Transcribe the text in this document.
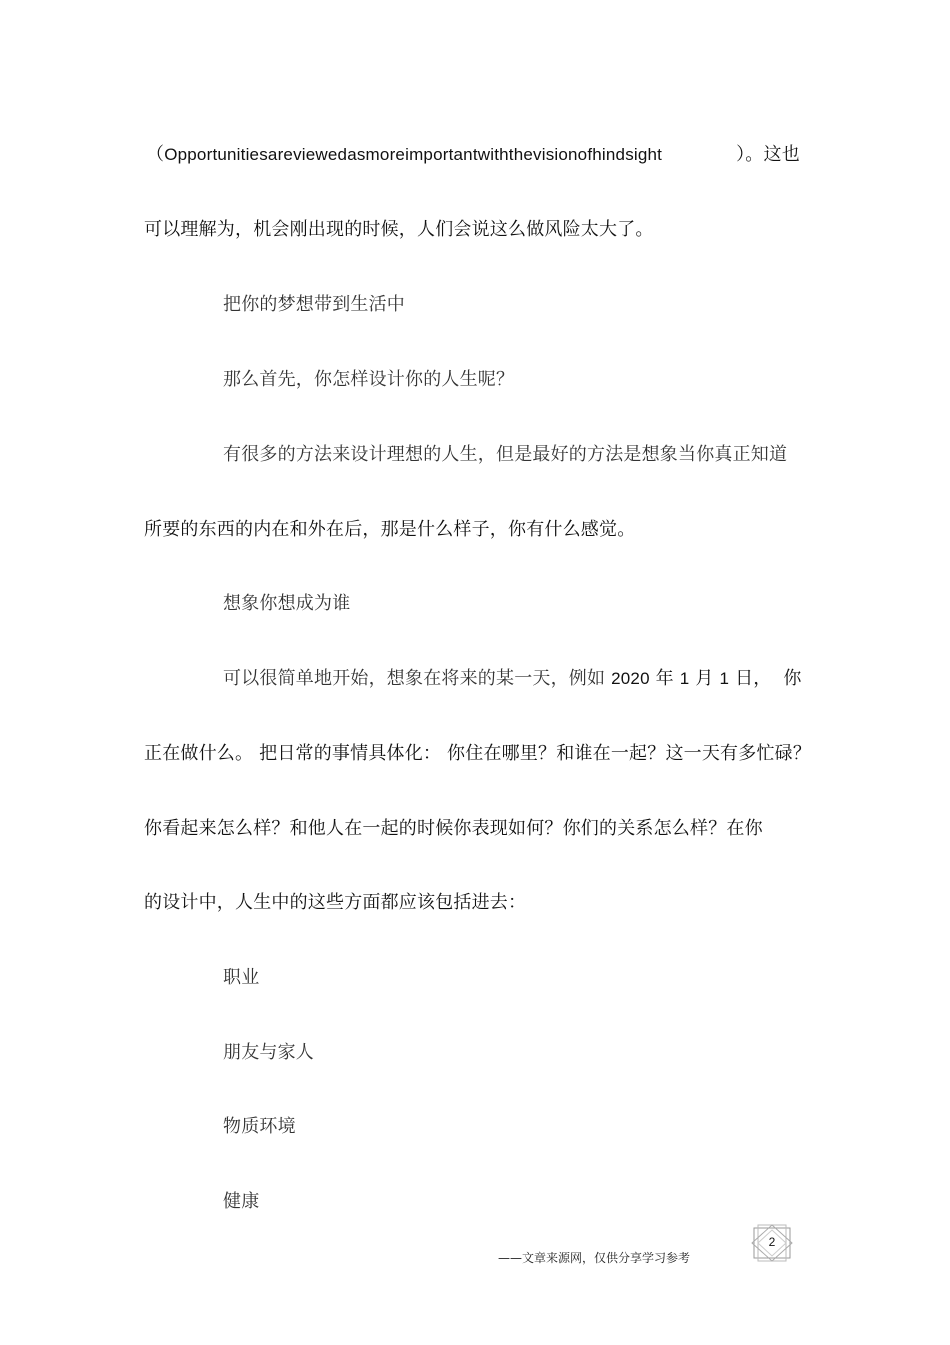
（Opportunitiesareviewedasmoreimportantwiththevisionofhindsight	）。这也
可以理解为，机会刚出现的时候，人们会说这么做风险太大了。
把你的梦想带到生活中
那么首先，你怎样设计你的人生呢？
有很多的方法来设计理想的人生，但是最好的方法是想象当你真正知道
所要的东西的内在和外在后，那是什么样子，你有什么感觉。
想象你想成为谁
可以很简单地开始，想象在将来的某一天，例如 2020 年 1 月 1 日， 你
正在做什么。 把日常的事情具体化： 你住在哪里？和谁在一起？这一天有多忙碌？
你看起来怎么样？和他人在一起的时候你表现如何？你们的关系怎么样？在你
的设计中，人生中的这些方面都应该包括进去：
职业
朋友与家人
物质环境
健康
2
——文章来源网，仅供分享学习参考
